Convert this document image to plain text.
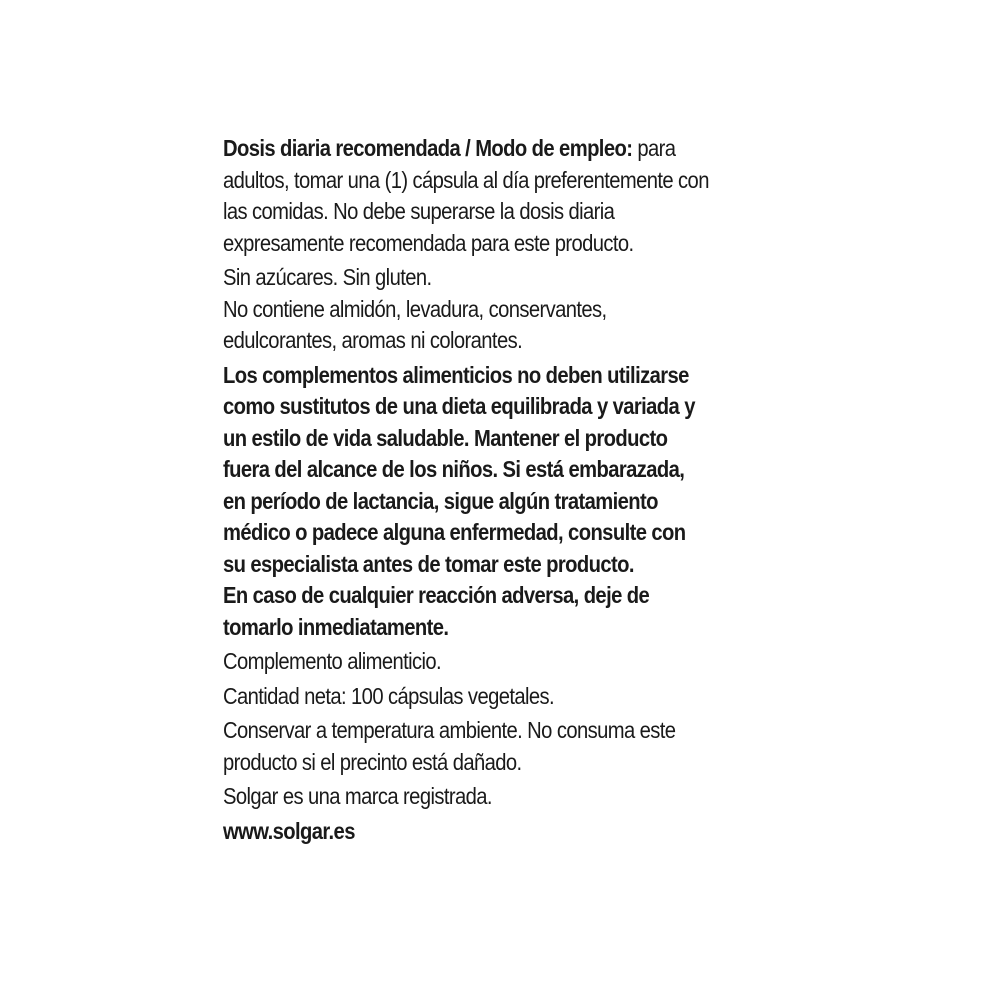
Dosis diaria recomendada / Modo de empleo: para
adultos, tomar una (1) cápsula al día preferentemente con
las comidas. No debe superarse la dosis diaria
expresamente recomendada para este producto.
Sin azúcares. Sin gluten.
No contiene almidón, levadura, conservantes,
edulcorantes, aromas ni colorantes.
Los complementos alimenticios no deben utilizarse
como sustitutos de una dieta equilibrada y variada y
un estilo de vida saludable. Mantener el producto
fuera del alcance de los niños. Si está embarazada,
en período de lactancia, sigue algún tratamiento
médico o padece alguna enfermedad, consulte con
su especialista antes de tomar este producto.
En caso de cualquier reacción adversa, deje de
tomarlo inmediatamente.
Complemento alimenticio.
Cantidad neta: 100 cápsulas vegetales.
Conservar a temperatura ambiente. No consuma este
producto si el precinto está dañado.
Solgar es una marca registrada.
www.solgar.es
